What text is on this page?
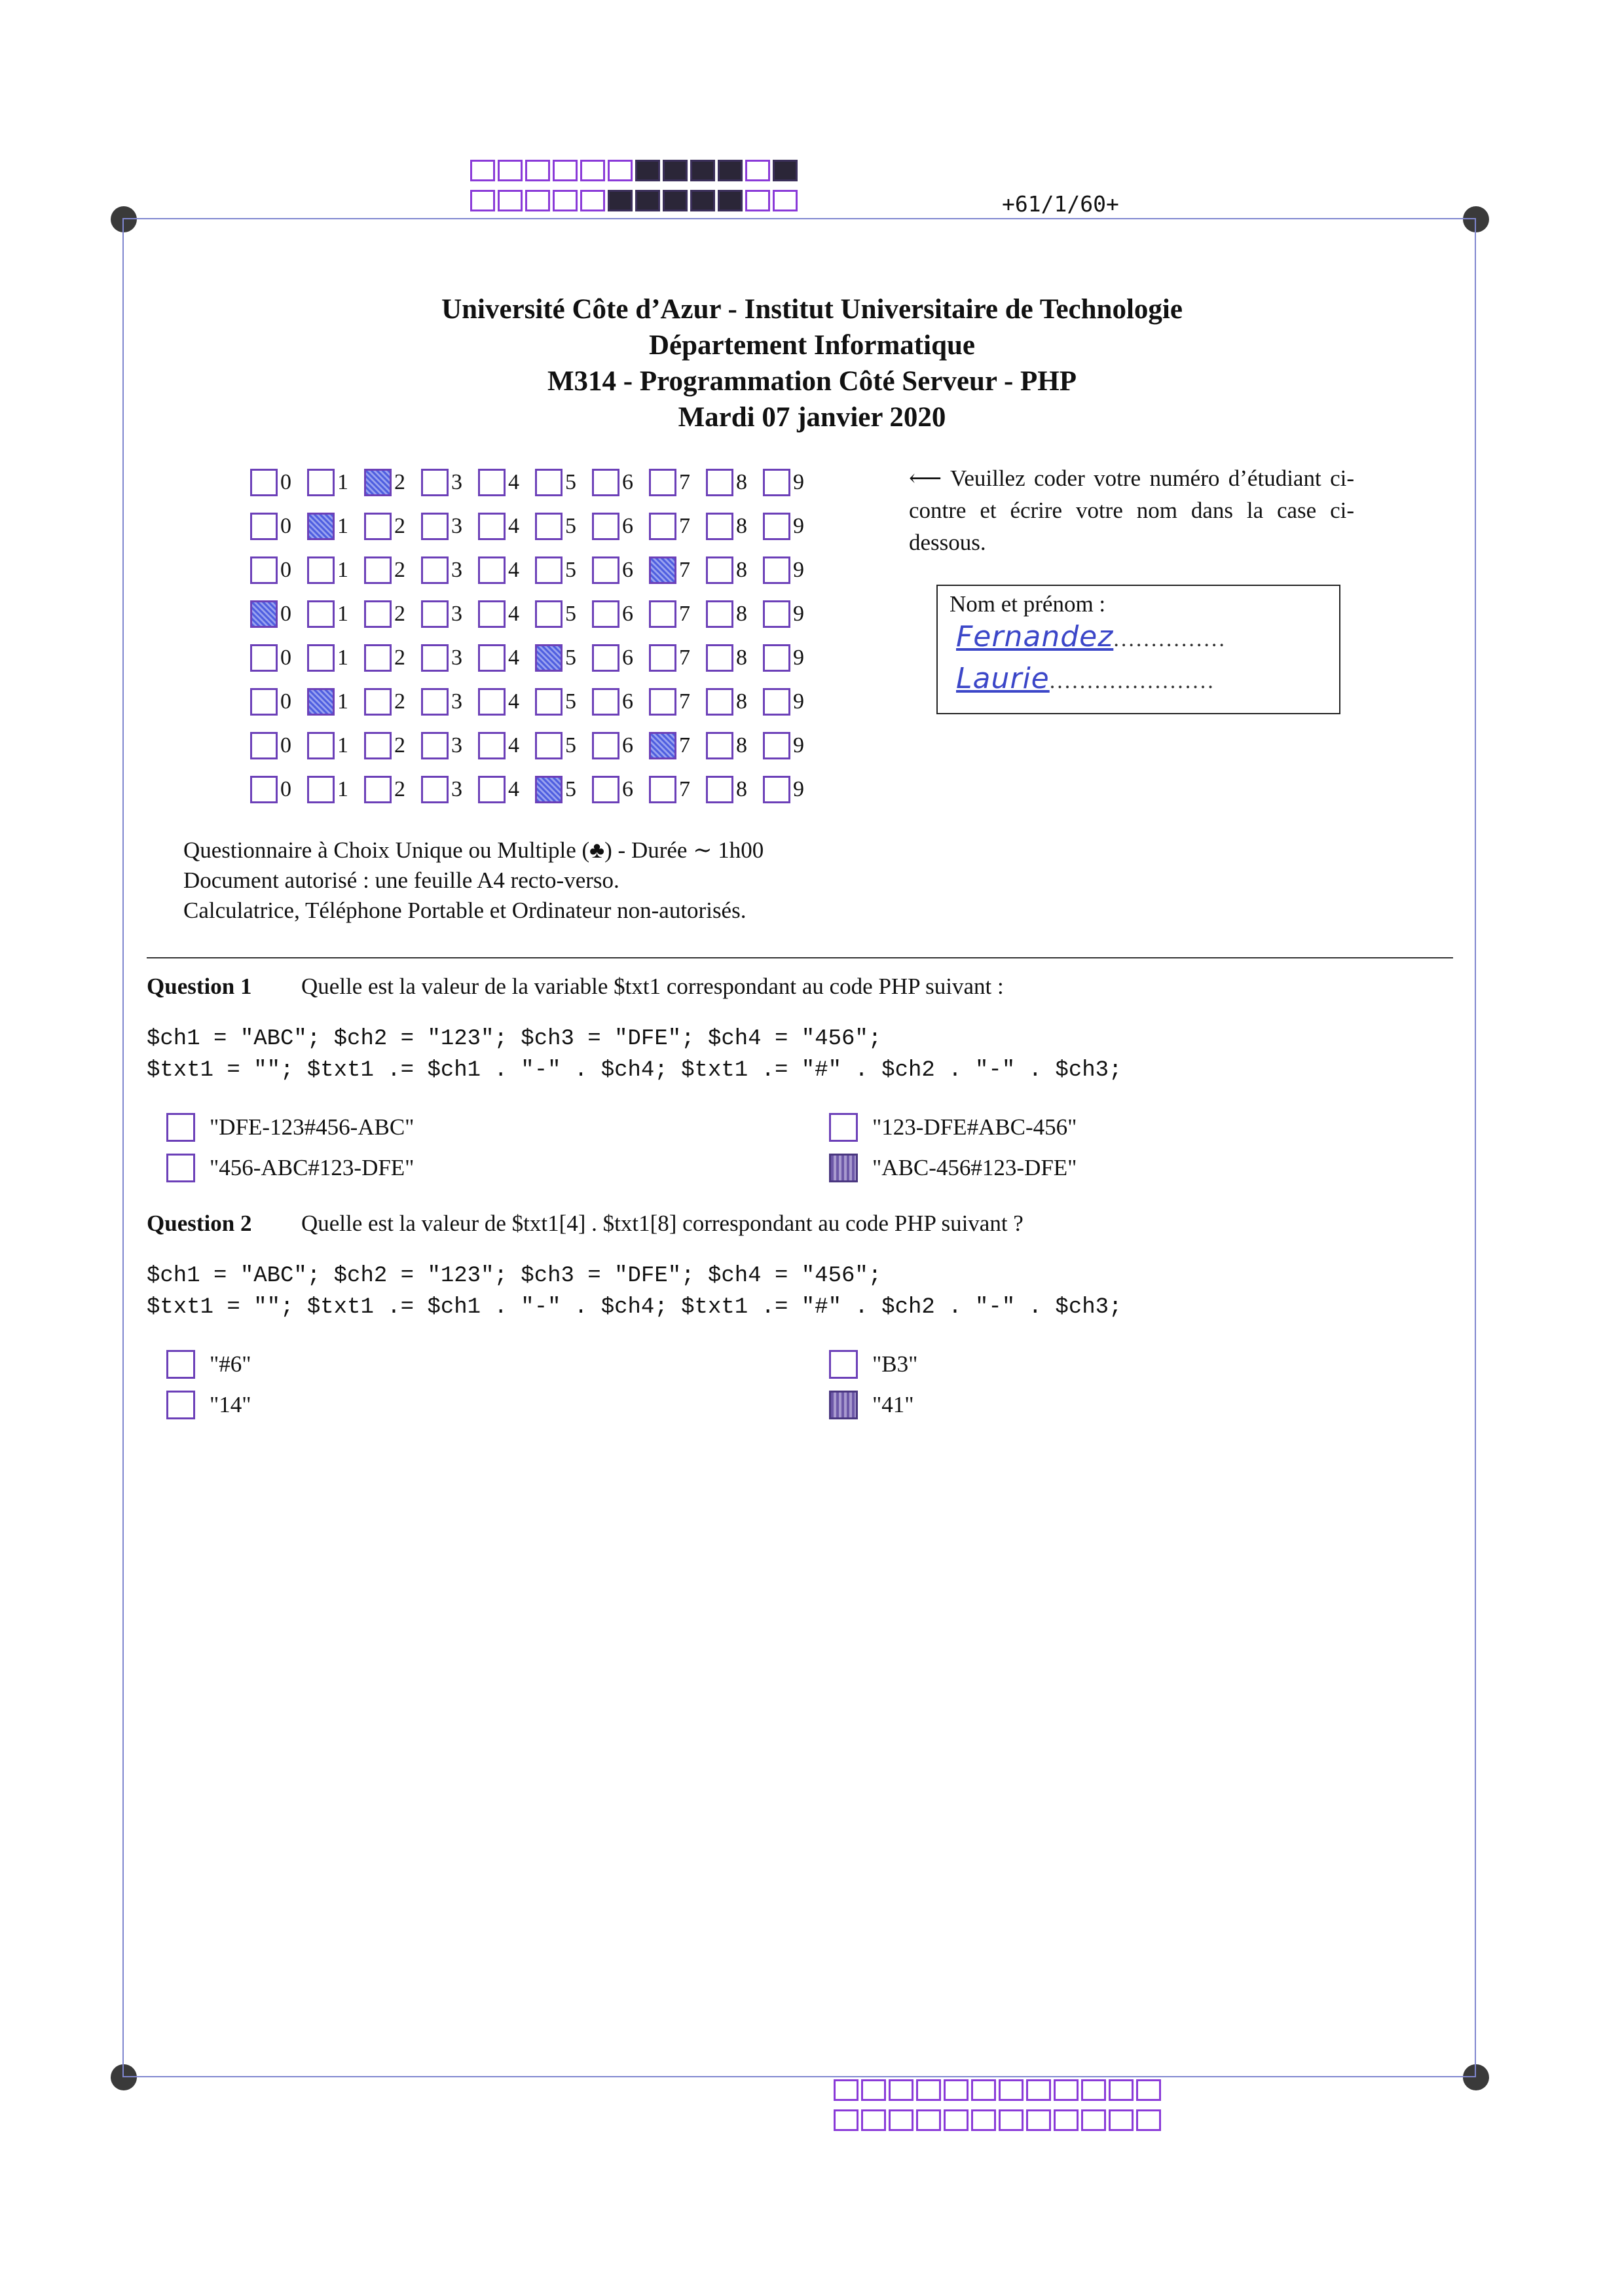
+61/1/60+
Université Côte d’Azur - Institut Universitaire de Technologie
Département Informatique
M314 - Programmation Côté Serveur - PHP
Mardi 07 janvier 2020
0 1 2 3 4 5 6 7 8 9
0 1 2 3 4 5 6 7 8 9
0 1 2 3 4 5 6 7 8 9
0 1 2 3 4 5 6 7 8 9
0 1 2 3 4 5 6 7 8 9
0 1 2 3 4 5 6 7 8 9
0 1 2 3 4 5 6 7 8 9
0 1 2 3 4 5 6 7 8 9
⟵ Veuillez coder votre numéro d’étudiant ci-contre et écrire votre nom dans la case ci-dessous.
Nom et prénom :
Fernandez...............
Laurie......................
Questionnaire à Choix Unique ou Multiple (♣) - Durée ∼ 1h00
Document autorisé : une feuille A4 recto-verso.
Calculatrice, Téléphone Portable et Ordinateur non-autorisés.
Question 1 Quelle est la valeur de la variable $txt1 correspondant au code PHP suivant :
$ch1 = "ABC"; $ch2 = "123"; $ch3 = "DFE"; $ch4 = "456";
$txt1 = ""; $txt1 .= $ch1 . "-" . $ch4; $txt1 .= "#" . $ch2 . "-" . $ch3;
"DFE-123#456-ABC"	"123-DFE#ABC-456"
"456-ABC#123-DFE"	"ABC-456#123-DFE"
Question 2 Quelle est la valeur de $txt1[4] . $txt1[8] correspondant au code PHP suivant ?
$ch1 = "ABC"; $ch2 = "123"; $ch3 = "DFE"; $ch4 = "456";
$txt1 = ""; $txt1 .= $ch1 . "-" . $ch4; $txt1 .= "#" . $ch2 . "-" . $ch3;
"#6"	"B3"
"14"	"41"
